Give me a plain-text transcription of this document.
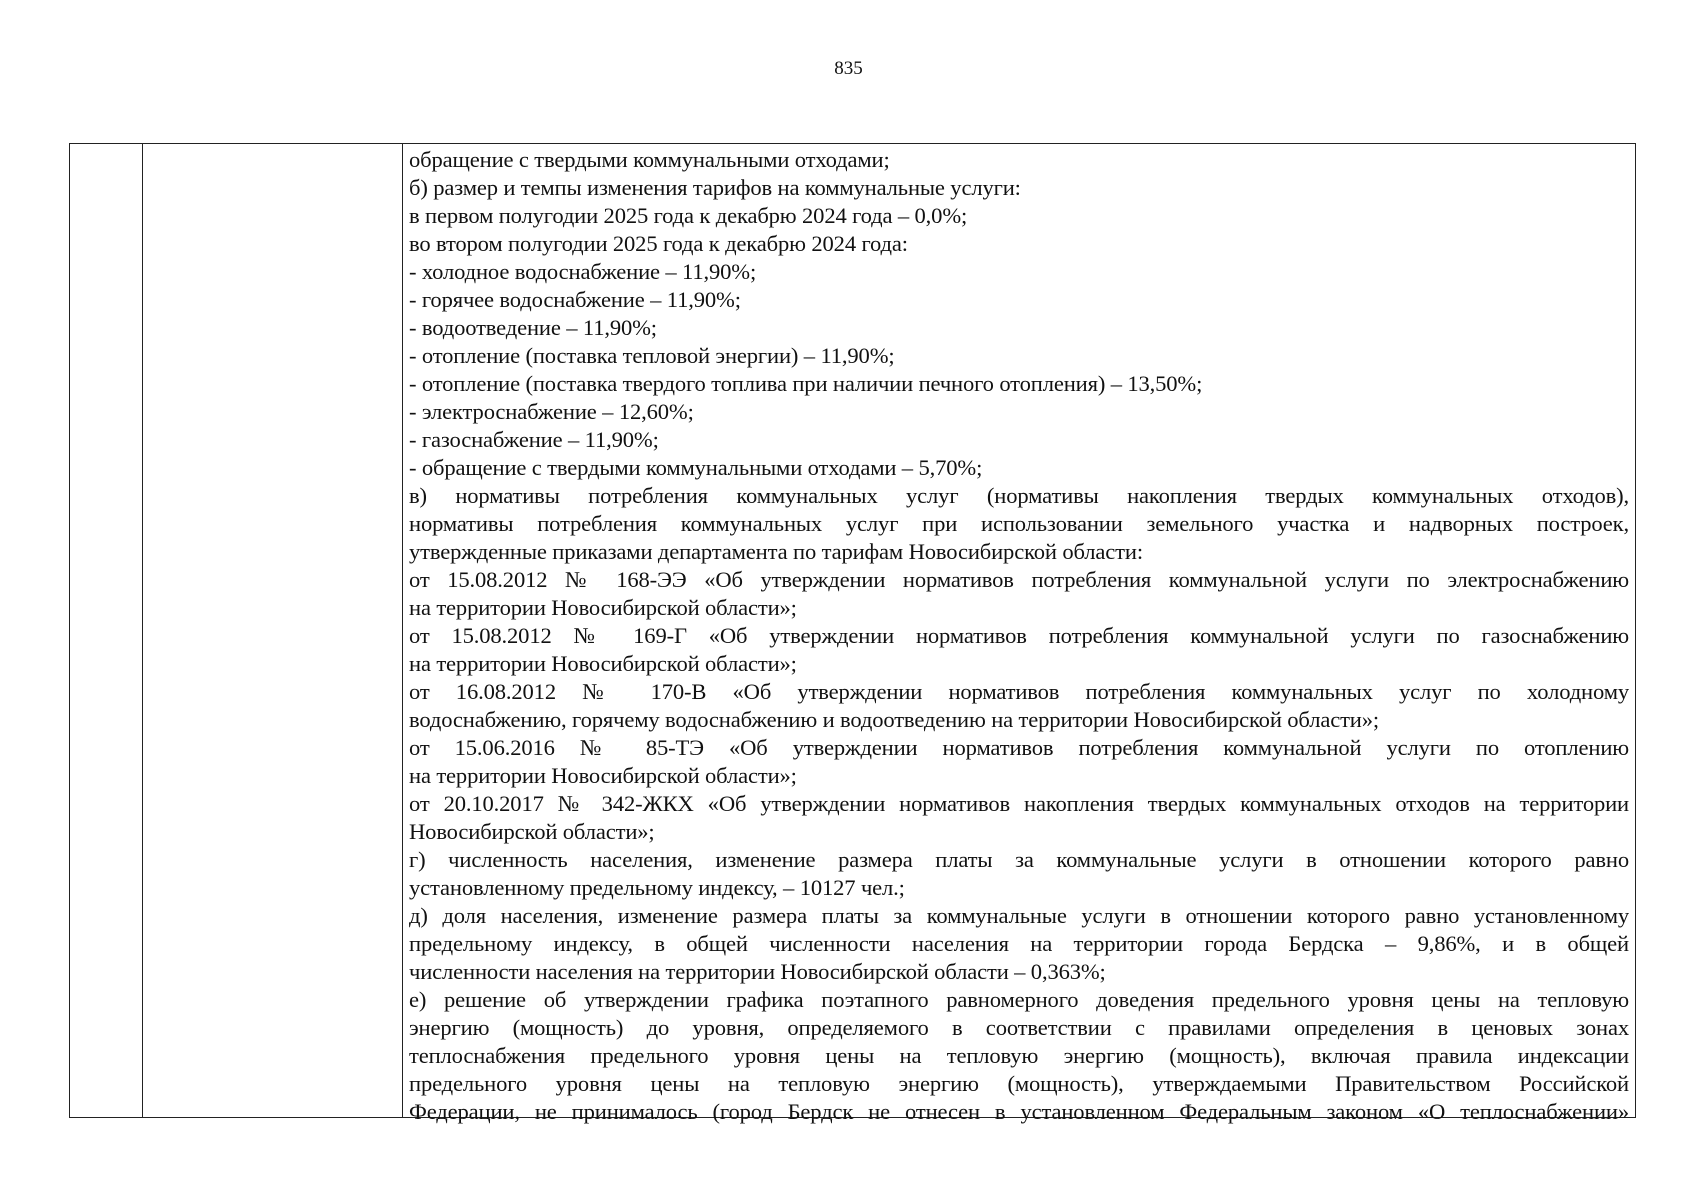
835
обращение с твердыми коммунальными отходами;
б) размер и темпы изменения тарифов на коммунальные услуги:
в первом полугодии 2025 года к декабрю 2024 года – 0,0%;
во втором полугодии 2025 года к декабрю 2024 года:
- холодное водоснабжение – 11,90%;
- горячее водоснабжение – 11,90%;
- водоотведение – 11,90%;
- отопление (поставка тепловой энергии) – 11,90%;
- отопление (поставка твердого топлива при наличии печного отопления) – 13,50%;
- электроснабжение – 12,60%;
- газоснабжение – 11,90%;
- обращение с твердыми коммунальными отходами – 5,70%;
в) нормативы потребления коммунальных услуг (нормативы накопления твердых коммунальных отходов),
нормативы потребления коммунальных услуг при использовании земельного участка и надворных построек,
утвержденные приказами департамента по тарифам Новосибирской области:
от 15.08.2012 № 168-ЭЭ «Об утверждении нормативов потребления коммунальной услуги по электроснабжению
на территории Новосибирской области»;
от 15.08.2012 № 169-Г «Об утверждении нормативов потребления коммунальной услуги по газоснабжению
на территории Новосибирской области»;
от 16.08.2012 № 170-В «Об утверждении нормативов потребления коммунальных услуг по холодному
водоснабжению, горячему водоснабжению и водоотведению на территории Новосибирской области»;
от 15.06.2016 № 85-ТЭ «Об утверждении нормативов потребления коммунальной услуги по отоплению
на территории Новосибирской области»;
от 20.10.2017 № 342-ЖКХ «Об утверждении нормативов накопления твердых коммунальных отходов на территории
Новосибирской области»;
г) численность населения, изменение размера платы за коммунальные услуги в отношении которого равно
установленному предельному индексу, – 10127 чел.;
д) доля населения, изменение размера платы за коммунальные услуги в отношении которого равно установленному
предельному индексу, в общей численности населения на территории города Бердска – 9,86%, и в общей
численности населения на территории Новосибирской области – 0,363%;
е) решение об утверждении графика поэтапного равномерного доведения предельного уровня цены на тепловую
энергию (мощность) до уровня, определяемого в соответствии с правилами определения в ценовых зонах
теплоснабжения предельного уровня цены на тепловую энергию (мощность), включая правила индексации
предельного уровня цены на тепловую энергию (мощность), утверждаемыми Правительством Российской
Федерации, не принималось (город Бердск не отнесен в установленном Федеральным законом «О теплоснабжении»
